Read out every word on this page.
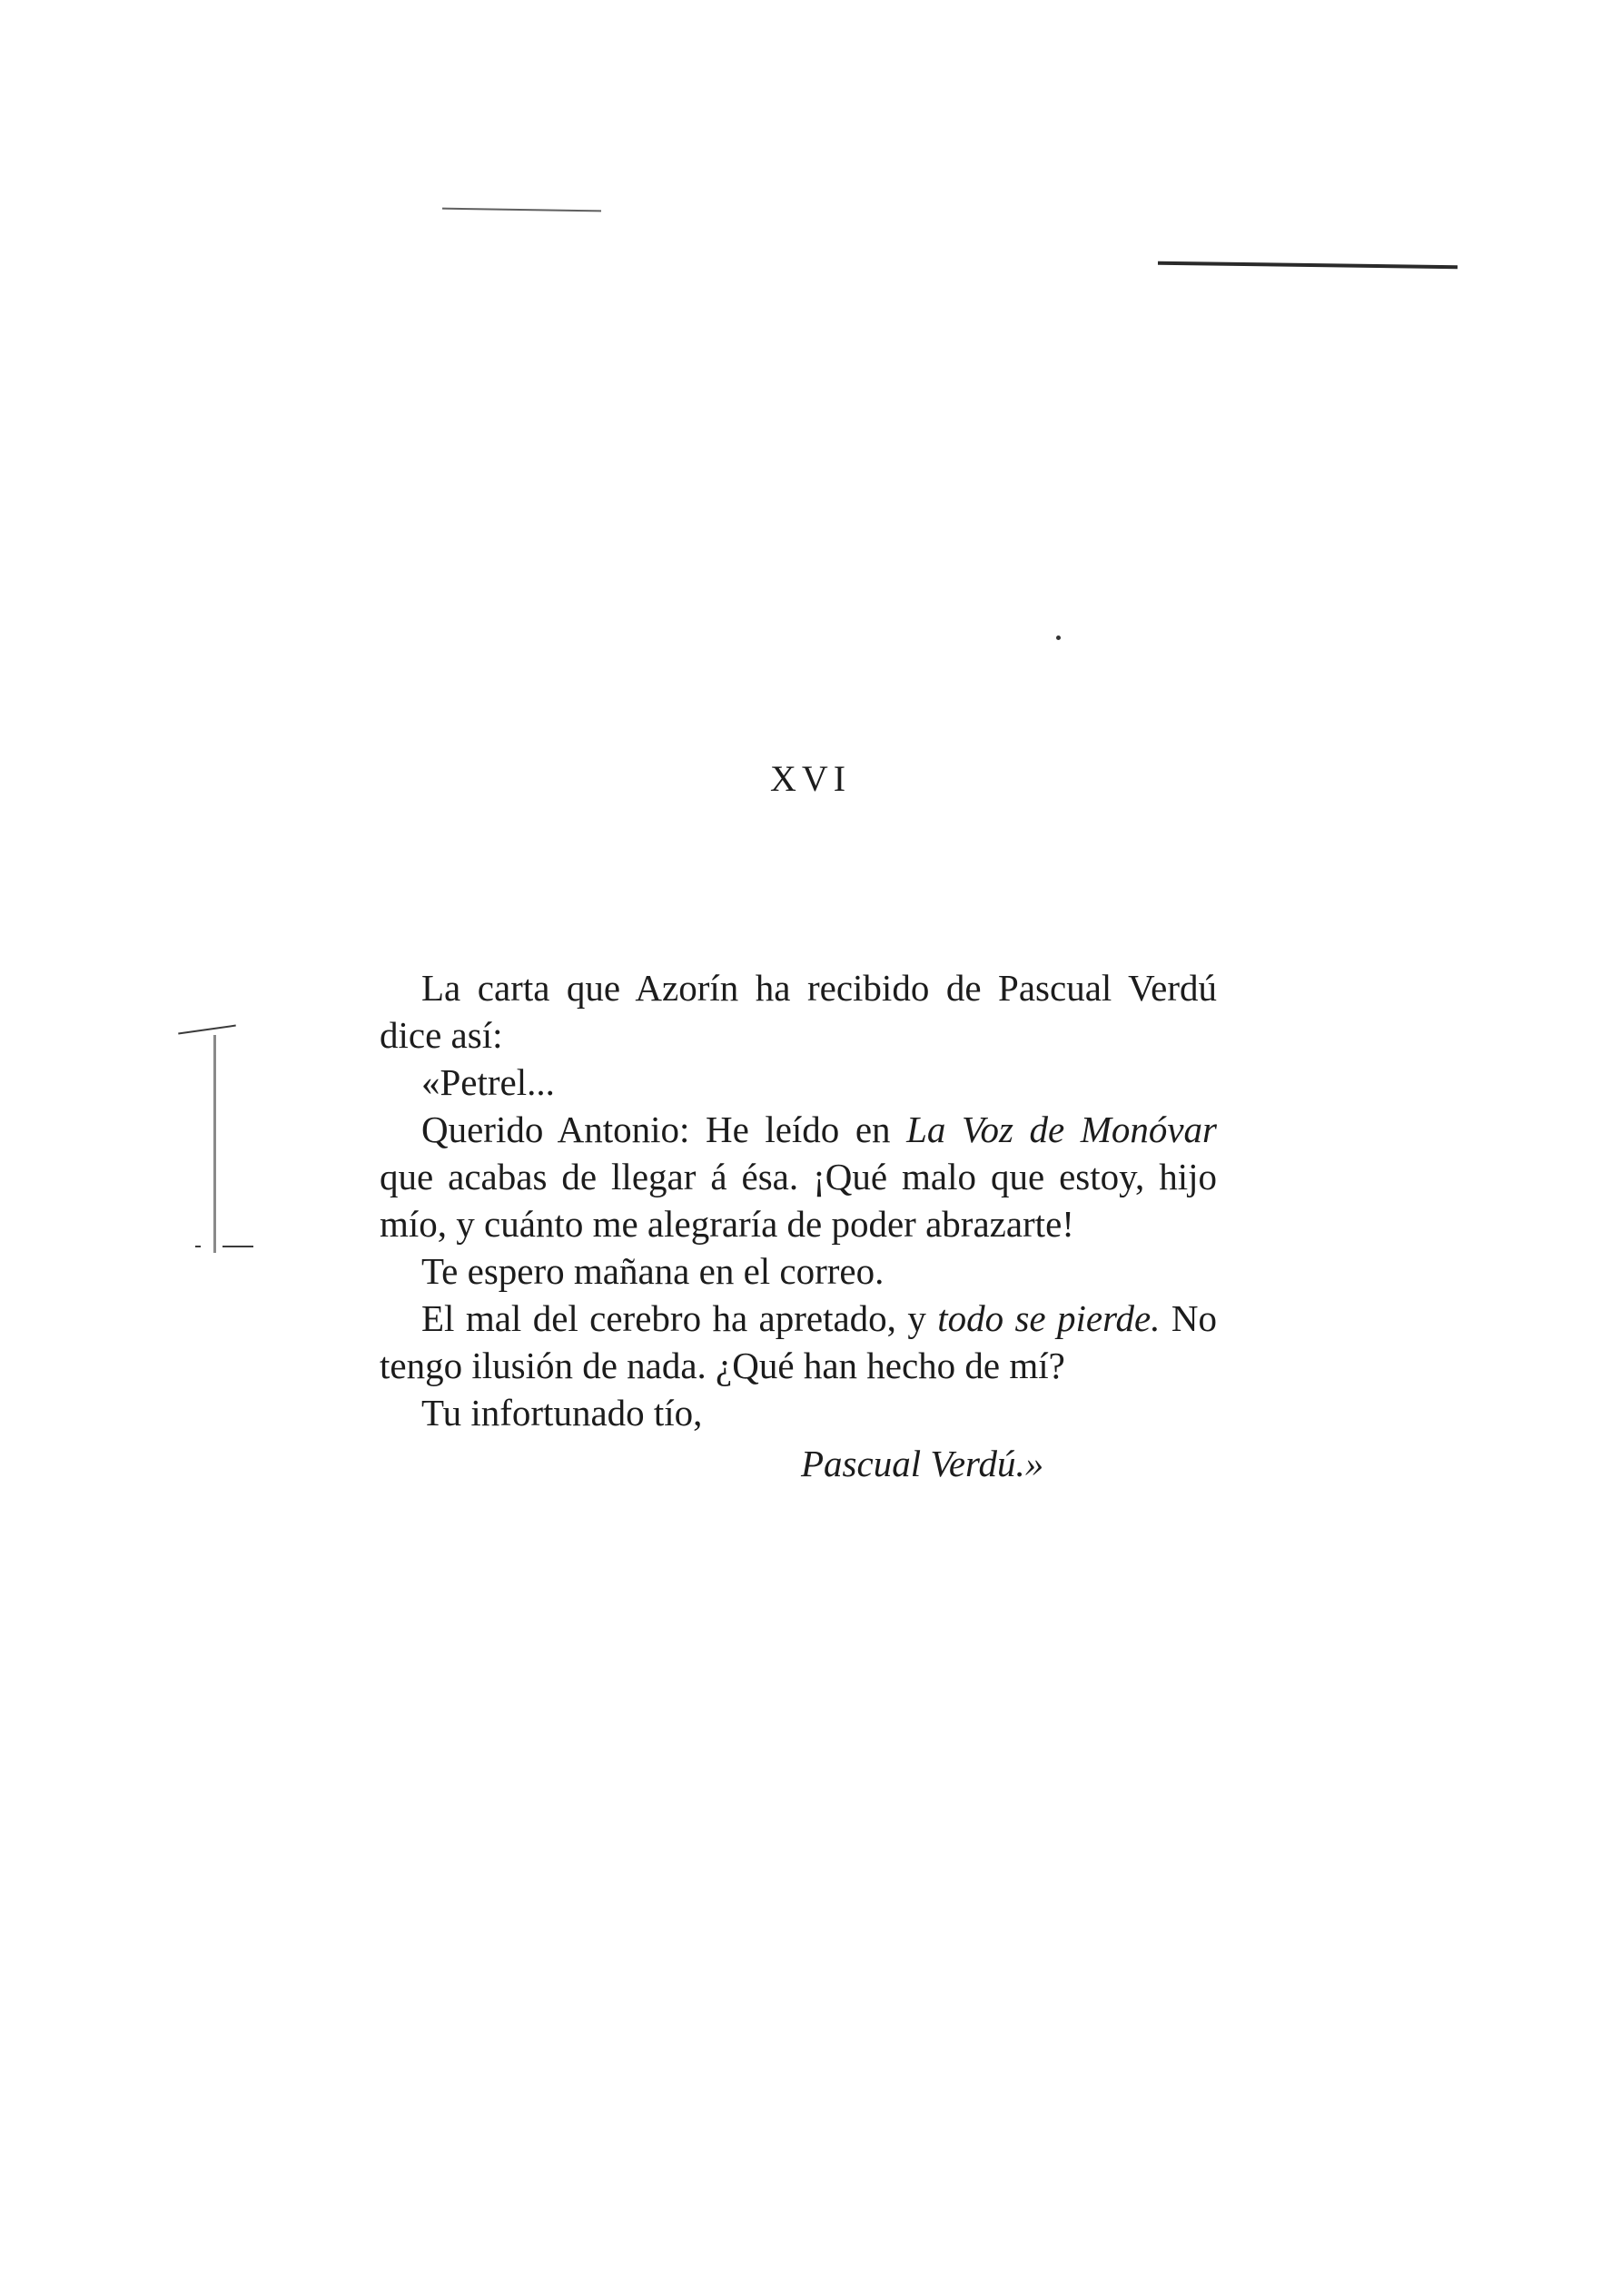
XVI

La carta que Azorín ha recibido de Pascual Verdú dice así:

«Petrel...

Querido Antonio: He leído en La Voz de Monóvar que acabas de llegar á ésa. ¡Qué malo que estoy, hijo mío, y cuánto me alegraría de poder abrazarte!

Te espero mañana en el correo.

El mal del cerebro ha apretado, y todo se pierde. No tengo ilusión de nada. ¿Qué han hecho de mí?

Tu infortunado tío,

Pascual Verdú.»
